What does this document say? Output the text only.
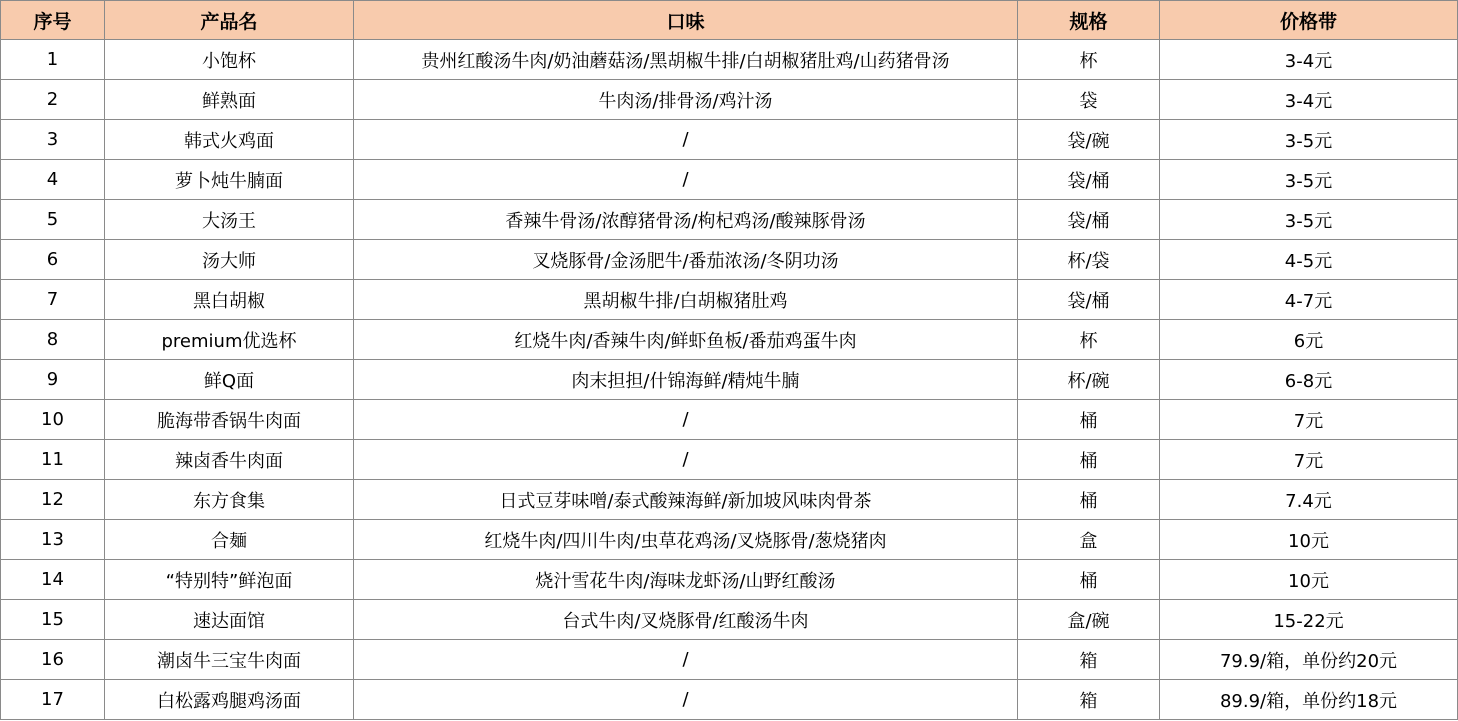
序号	产品名	口味	规格	价格带
1	小饱杯	贵州红酸汤牛肉/奶油蘑菇汤/黑胡椒牛排/白胡椒猪肚鸡/山药猪骨汤	杯	3-4元
2	鲜熟面	牛肉汤/排骨汤/鸡汁汤	袋	3-4元
3	韩式火鸡面	/	袋/碗	3-5元
4	萝卜炖牛腩面	/	袋/桶	3-5元
5	大汤王	香辣牛骨汤/浓醇猪骨汤/枸杞鸡汤/酸辣豚骨汤	袋/桶	3-5元
6	汤大师	叉烧豚骨/金汤肥牛/番茄浓汤/冬阴功汤	杯/袋	4-5元
7	黑白胡椒	黑胡椒牛排/白胡椒猪肚鸡	袋/桶	4-7元
8	premium优选杯	红烧牛肉/香辣牛肉/鲜虾鱼板/番茄鸡蛋牛肉	杯	6元
9	鲜Q面	肉末担担/什锦海鲜/精炖牛腩	杯/碗	6-8元
10	脆海带香锅牛肉面	/	桶	7元
11	辣卤香牛肉面	/	桶	7元
12	东方食集	日式豆芽味噌/泰式酸辣海鲜/新加坡风味肉骨茶	桶	7.4元
13	合麺	红烧牛肉/四川牛肉/虫草花鸡汤/叉烧豚骨/葱烧猪肉	盒	10元
14	“特别特”鲜泡面	烧汁雪花牛肉/海味龙虾汤/山野红酸汤	桶	10元
15	速达面馆	台式牛肉/叉烧豚骨/红酸汤牛肉	盒/碗	15-22元
16	潮卤牛三宝牛肉面	/	箱	79.9/箱，单份约20元
17	白松露鸡腿鸡汤面	/	箱	89.9/箱，单份约18元
